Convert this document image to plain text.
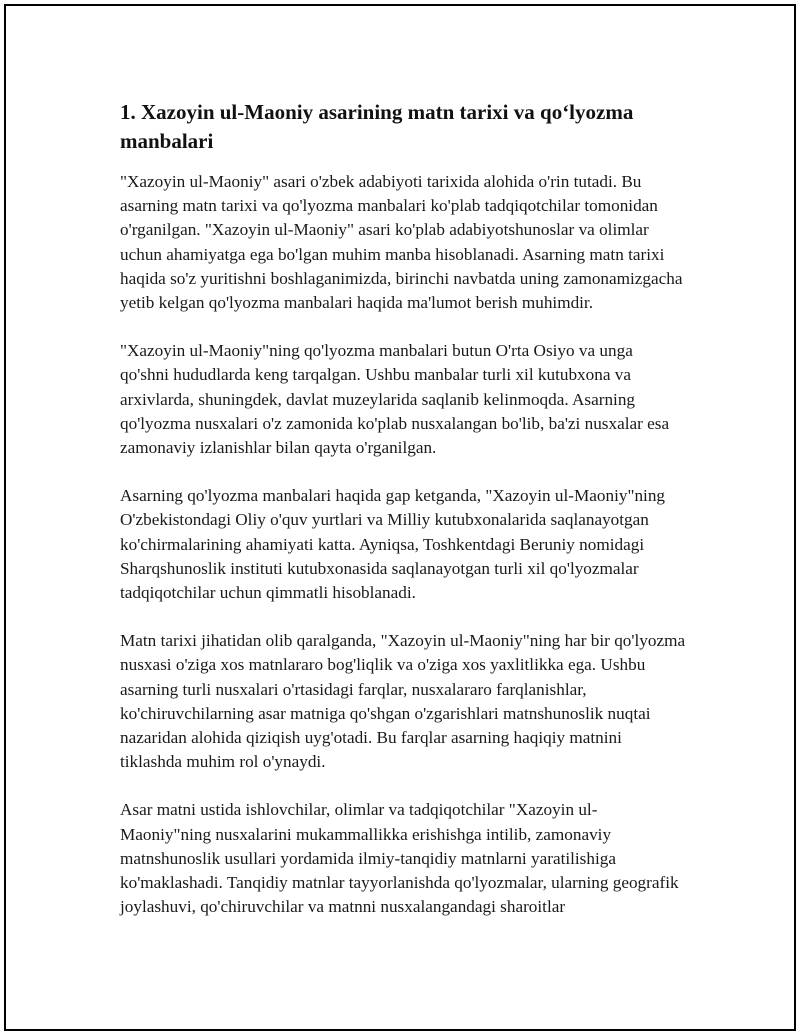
1. Xazoyin ul-Maoniy asarining matn tarixi va qo‘lyozma manbalari

"Xazoyin ul-Maoniy" asari o'zbek adabiyoti tarixida alohida o'rin tutadi. Bu asarning matn tarixi va qo'lyozma manbalari ko'plab tadqiqotchilar tomonidan o'rganilgan. "Xazoyin ul-Maoniy" asari ko'plab adabiyotshunoslar va olimlar uchun ahamiyatga ega bo'lgan muhim manba hisoblanadi. Asarning matn tarixi haqida so'z yuritishni boshlaganimizda, birinchi navbatda uning zamonamizgacha yetib kelgan qo'lyozma manbalari haqida ma'lumot berish muhimdir.

"Xazoyin ul-Maoniy"ning qo'lyozma manbalari butun O'rta Osiyo va unga qo'shni hududlarda keng tarqalgan. Ushbu manbalar turli xil kutubxona va arxivlarda, shuningdek, davlat muzeylarida saqlanib kelinmoqda. Asarning qo'lyozma nusxalari o'z zamonida ko'plab nusxalangan bo'lib, ba'zi nusxalar esa zamonaviy izlanishlar bilan qayta o'rganilgan.

Asarning qo'lyozma manbalari haqida gap ketganda, "Xazoyin ul-Maoniy"ning O'zbekistondagi Oliy o'quv yurtlari va Milliy kutubxonalarida saqlanayotgan ko'chirmalarining ahamiyati katta. Ayniqsa, Toshkentdagi Beruniy nomidagi Sharqshunoslik instituti kutubxonasida saqlanayotgan turli xil qo'lyozmalar tadqiqotchilar uchun qimmatli hisoblanadi.

Matn tarixi jihatidan olib qaralganda, "Xazoyin ul-Maoniy"ning har bir qo'lyozma nusxasi o'ziga xos matnlararo bog'liqlik va o'ziga xos yaxlitlikka ega. Ushbu asarning turli nusxalari o'rtasidagi farqlar, nusxalararo farqlanishlar, ko'chiruvchilarning asar matniga qo'shgan o'zgarishlari matnshunoslik nuqtai nazaridan alohida qiziqish uyg'otadi. Bu farqlar asarning haqiqiy matnini tiklashda muhim rol o'ynaydi.

Asar matni ustida ishlovchilar, olimlar va tadqiqotchilar "Xazoyin ul-Maoniy"ning nusxalarini mukammallikka erishishga intilib, zamonaviy matnshunoslik usullari yordamida ilmiy-tanqidiy matnlarni yaratilishiga ko'maklashadi. Tanqidiy matnlar tayyorlanishda qo'lyozmalar, ularning geografik joylashuvi, qo'chiruvchilar va matnni nusxalangandagi sharoitlar
